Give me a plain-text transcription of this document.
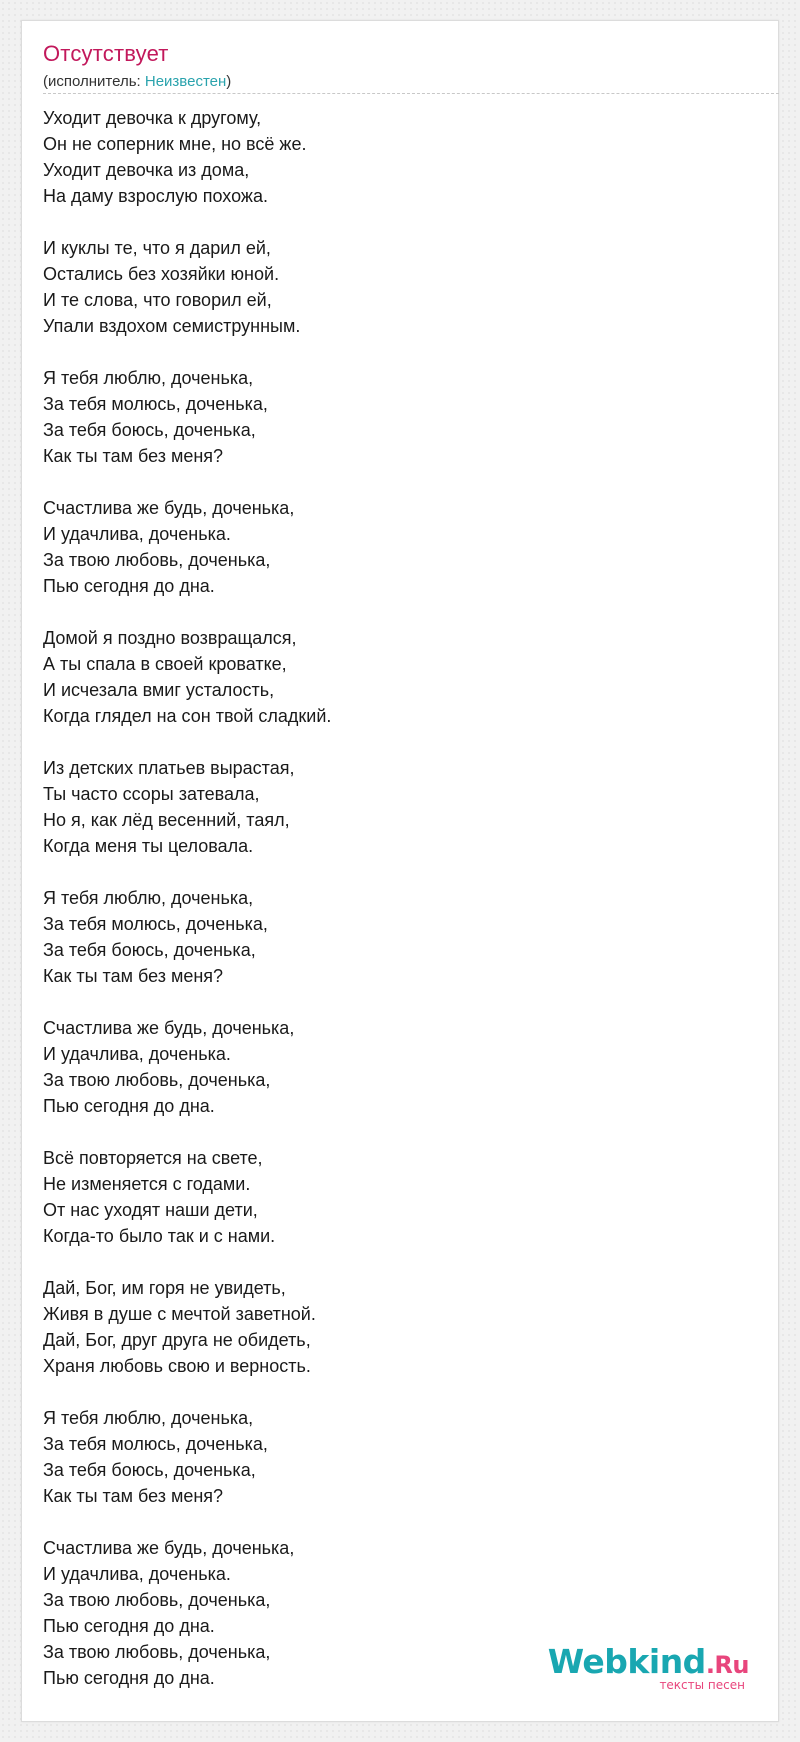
Отсутствует
(исполнитель: Неизвестен)
Уходит девочка к другому,
Он не соперник мне, но всё же.
Уходит девочка из дома,
На даму взрослую похожа.
И куклы те, что я дарил ей,
Остались без хозяйки юной.
И те слова, что говорил ей,
Упали вздохом семиструнным.
Я тебя люблю, доченька,
За тебя молюсь, доченька,
За тебя боюсь, доченька,
Как ты там без меня?
Счастлива же будь, доченька,
И удачлива, доченька.
За твою любовь, доченька,
Пью сегодня до дна.
Домой я поздно возвращался,
А ты спала в своей кроватке,
И исчезала вмиг усталость,
Когда глядел на сон твой сладкий.
Из детских платьев вырастая,
Ты часто ссоры затевала,
Но я, как лёд весенний, таял,
Когда меня ты целовала.
Я тебя люблю, доченька,
За тебя молюсь, доченька,
За тебя боюсь, доченька,
Как ты там без меня?
Счастлива же будь, доченька,
И удачлива, доченька.
За твою любовь, доченька,
Пью сегодня до дна.
Всё повторяется на свете,
Не изменяется с годами.
От нас уходят наши дети,
Когда-то было так и с нами.
Дай, Бог, им горя не увидеть,
Живя в душе с мечтой заветной.
Дай, Бог, друг друга не обидеть,
Храня любовь свою и верность.
Я тебя люблю, доченька,
За тебя молюсь, доченька,
За тебя боюсь, доченька,
Как ты там без меня?
Счастлива же будь, доченька,
И удачлива, доченька.
За твою любовь, доченька,
Пью сегодня до дна.
За твою любовь, доченька,
Пью сегодня до дна.	Webkind.Ru
тексты песен
